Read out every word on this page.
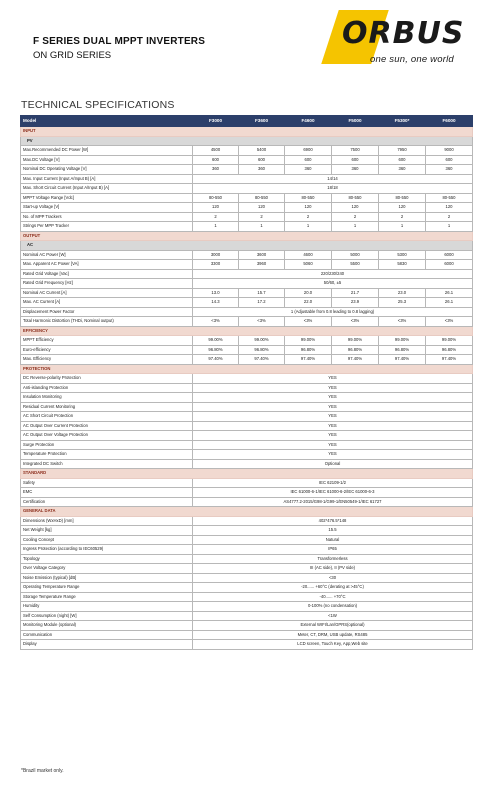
F SERIES DUAL MPPT INVERTERS
ON GRID SERIES
ORBUS
one sun, one world
TECHNICAL SPECIFICATIONS
Model	F3000	F3600	F4600	F5000	F5300*	F6000
INPUT						
PV						
Max.Recommended DC Power [W]	4500	5400	6900	7500	7950	9000
Max.DC Voltage [V]	600	600	600	600	600	600
Nominal DC Operating Voltage [V]	360	360	360	360	360	360
Max. Input Current (Input A/Input B) [A]	14/14					
Max. Short Circuit Current (Input A/Input B) [A]	18/18					
MPPT Voltage Range [Vdc]	80-550	80-550	80-550	80-550	80-550	80-550
Start-up Voltage [V]	120	120	120	120	120	120
No. of MPP Trackers	2	2	2	2	2	2
Strings Per MPP Tracker	1	1	1	1	1	1
OUTPUT						
AC						
Nominal AC Power [W]	3000	3600	4600	5000	5300	6000
Max. Apparent AC Power [VA]	3300	3960	5060	5500	5830	6000
Rated Grid Voltage [Vac]	220/230/240					
Rated Grid Frequency [Hz]	50/60, ±5					
Nominal AC Current [A]	13.0	15.7	20.0	21.7	23.0	26.1
Max. AC Current [A]	14.3	17.2	22.0	23.9	25.3	26.1
Displacement Power Factor	1 (Adjustable from 0.8 leading to 0.8 lagging)					
Total Harmonic Distortion (THDi, Nominal output)	<3%	<3%	<3%	<3%	<3%	<3%
EFFICIENCY						
MPPT Efficiency	99.00%	99.00%	99.00%	99.00%	99.00%	99.00%
Euro-efficiency	96.80%	96.80%	96.80%	96.80%	96.80%	96.80%
Max. Efficiency	97.40%	97.40%	97.40%	97.40%	97.40%	97.40%
PROTECTION						
DC Reverse-polarity Protection	YES					
Anti-islanding Protection	YES					
Insulation Monitoring	YES					
Residual Current Monitoring	YES					
AC Short Circuit Protection	YES					
AC Output Over Current Protection	YES					
AC Output Over Voltage Protection	YES					
Surge Protection	YES					
Temperature Protection	YES					
Integrated DC Switch	Optional					
STANDARD						
Safety	IEC 62109-1/2					
EMC	IEC 61000-6-1/IEC 61000-6-2/IEC 61000-6-3					
Certification	AS4777.2-2015/G98-1/G99-1/EN50549-1/IEC 61727					
GENERAL DATA						
Dimensions (WxHxD) [mm]	402*476.5*148					
Net Weight [kg]	15.5					
Cooling Concept	Natural					
Ingress Protection (according to IEC60529)	IP65					
Topology	Transformerless					
Over Voltage Category	III (AC side), II (PV side)					
Noise Emission (typical) [dB]	<30					
Operating Temperature Range	-20...... +60°C (derating at >45°C)					
Storage Temperature Range	-40...... +70°C					
Humidity	0-100% (no condensation)					
Self Consumption (night) [W]	<1W					
Monitoring Module (optional)	External WIFI/Lan/GPRS(optional)					
Communication	Meter, CT, DRM, USB update, RS485					
Display	LCD screen, Touch Key, App,Web site					
*Brazil market only.
